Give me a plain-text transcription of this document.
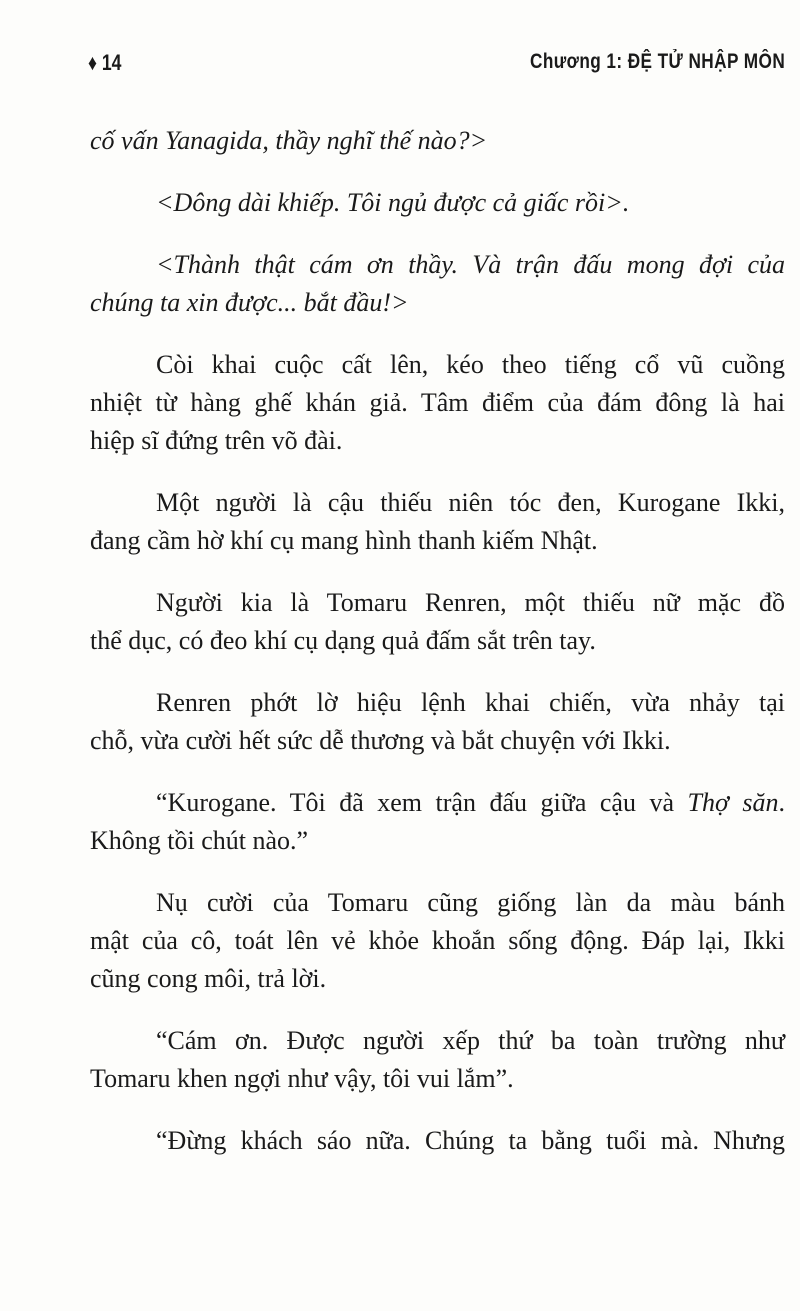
♦ 14	Chương 1: ĐỆ TỬ NHẬP MÔN
cố vấn Yanagida, thầy nghĩ thế nào?>
<Dông dài khiếp. Tôi ngủ được cả giấc rồi>.
<Thành thật cám ơn thầy. Và trận đấu mong đợi của
chúng ta xin được... bắt đầu!>
Còi khai cuộc cất lên, kéo theo tiếng cổ vũ cuồng
nhiệt từ hàng ghế khán giả. Tâm điểm của đám đông là hai
hiệp sĩ đứng trên võ đài.
Một người là cậu thiếu niên tóc đen, Kurogane Ikki,
đang cầm hờ khí cụ mang hình thanh kiếm Nhật.
Người kia là Tomaru Renren, một thiếu nữ mặc đồ
thể dục, có đeo khí cụ dạng quả đấm sắt trên tay.
Renren phớt lờ hiệu lệnh khai chiến, vừa nhảy tại
chỗ, vừa cười hết sức dễ thương và bắt chuyện với Ikki.
“Kurogane. Tôi đã xem trận đấu giữa cậu và Thợ săn.
Không tồi chút nào.”
Nụ cười của Tomaru cũng giống làn da màu bánh
mật của cô, toát lên vẻ khỏe khoắn sống động. Đáp lại, Ikki
cũng cong môi, trả lời.
“Cám ơn. Được người xếp thứ ba toàn trường như
Tomaru khen ngợi như vậy, tôi vui lắm”.
“Đừng khách sáo nữa. Chúng ta bằng tuổi mà. Nhưng
